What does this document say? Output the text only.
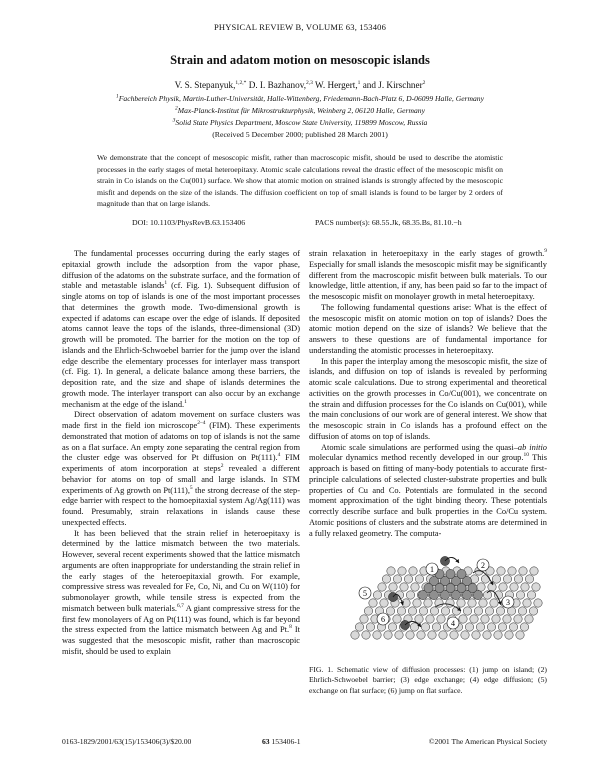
PHYSICAL REVIEW B, VOLUME 63, 153406
Strain and adatom motion on mesoscopic islands
V. S. Stepanyuk,$^{1,2,*}$ D. I. Bazhanov,$^{2,3}$ W. Hergert,$^1$ and J. Kirschner$^2$
$^1$Fachbereich Physik, Martin-Luther-Universität, Halle-Wittenberg, Friedemann-Bach-Platz 6, D-06099 Halle, Germany
$^2$Max-Planck-Institut für Mikrostrukturphysik, Weinberg 2, 06120 Halle, Germany
$^3$Solid State Physics Department, Moscow State University, 119899 Moscow, Russia
(Received 5 December 2000; published 28 March 2001)
We demonstrate that the concept of mesoscopic misfit, rather than macroscopic misfit, should be used to describe the atomistic processes in the early stages of metal heteroepitaxy. Atomic scale calculations reveal the drastic effect of the mesoscopic misfit on strain in Co islands on the Cu(001) surface. We show that atomic motion on strained islands is strongly affected by the mesoscopic misfit and depends on the size of the islands. The diffusion coefficient on top of small islands is found to be larger by 2 orders of magnitude than that on large islands.
DOI: 10.1103/PhysRevB.63.153406	PACS number(s): 68.55.Jk, 68.35.Bs, 81.10.−h

The fundamental processes occurring during the early stages of epitaxial growth include the adsorption from the vapor phase, diffusion of the adatoms on the substrate surface, and the formation of stable and metastable islands$^1$ (cf. Fig. 1). Subsequent diffusion of single atoms on top of islands is one of the most important processes that determines the growth mode. Two-dimensional growth is expected if adatoms can escape over the edge of islands. If deposited atoms cannot leave the tops of the islands, three-dimensional (3D) growth will be promoted. The barrier for the motion on the top of islands and the Ehrlich-Schwoebel barrier for the jump over the island edge describe the elementary processes for interlayer mass transport (cf. Fig. 1). In general, a delicate balance among these barriers, the deposition rate, and the size and shape of islands determines the growth mode. The interlayer transport can also occur by an exchange mechanism at the edge of the island.$^1$

Direct observation of adatom movement on surface clusters was made first in the field ion microscope$^{2-4}$ (FIM). These experiments demonstrated that motion of adatoms on top of islands is not the same as on a flat surface. An empty zone separating the central region from the cluster edge was observed for Pt diffusion on Pt(111).$^4$ FIM experiments of atom incorporation at steps$^2$ revealed a different behavior for atoms on top of small and large islands. In STM experiments of Ag growth on Pt(111),$^5$ the strong decrease of the step-edge barrier with respect to the homoepitaxial system Ag/Ag(111) was found. Presumably, strain relaxations in islands cause these unexpected effects.

It has been believed that the strain relief in heteroepitaxy is determined by the lattice mismatch between the two materials. However, several recent experiments showed that the lattice mismatch arguments are often inappropriate for understanding the strain relief in the early stages of the heteroepitaxial growth. For example, compressive stress was revealed for Fe, Co, Ni, and Cu on W(110) for submonolayer growth, while tensile stress is expected from the mismatch between bulk materials.$^{6,7}$ A giant compressive stress for the first few monolayers of Ag on Pt(111) was found, which is far beyond the stress expected from the lattice mismatch between Ag and Pt.$^8$ It was suggested that the mesoscopic misfit, rather than macroscopic misfit, should be used to explain

strain relaxation in heteroepitaxy in the early stages of growth.$^9$ Especially for small islands the mesoscopic misfit may be significantly different from the macroscopic misfit between bulk materials. To our knowledge, little attention, if any, has been paid so far to the impact of the mesoscopic misfit on monolayer growth in metal heteroepitaxy.

The following fundamental questions arise: What is the effect of the mesoscopic misfit on atomic motion on top of islands? Does the atomic motion depend on the size of islands? We believe that the answers to these questions are of fundamental importance for understanding the atomistic processes in heteroepitaxy.

In this paper the interplay among the mesoscopic misfit, the size of islands, and diffusion on top of islands is revealed by performing atomic scale calculations. Due to strong experimental and theoretical activities on the growth processes in Co/Cu(001), we concentrate on the strain and diffusion processes for the Co islands on Cu(001), while the main conclusions of our work are of general interest. We show that the mesoscopic strain in Co islands has a profound effect on the diffusion of atoms on top of islands.

Atomic scale simulations are performed using the quasi–ab initio molecular dynamics method recently developed in our group.$^{10}$ This approach is based on fitting of many-body potentials to accurate first-principle calculations of selected cluster-substrate properties and bulk properties of Cu and Co. Potentials are formulated in the second moment approximation of the tight binding theory. These potentials correctly describe surface and bulk properties in the Co/Cu system. Atomic positions of clusters and the substrate atoms are determined in a fully relaxed geometry. The computa-

1	2
3
4
5
6
FIG. 1. Schematic view of diffusion processes: (1) jump on island; (2) Ehrlich-Schwoebel barrier; (3) edge exchange; (4) edge diffusion; (5) exchange on flat surface; (6) jump on flat surface.
0163-1829/2001/63(15)/153406(3)/$20.00	63 153406-1	©2001 The American Physical Society
